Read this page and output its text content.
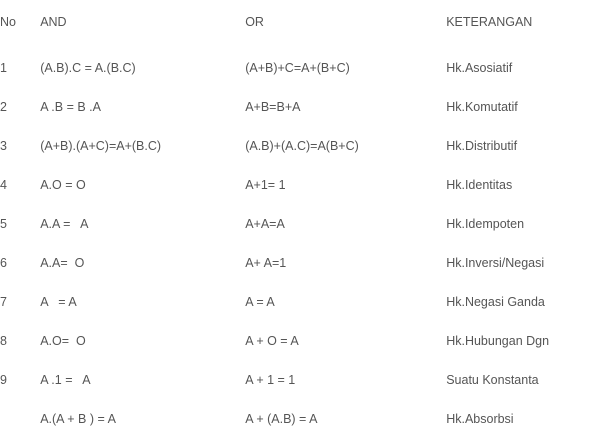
No	AND	OR	KETERANGAN
1	(A.B).C = A.(B.C)	(A+B)+C=A+(B+C)	Hk.Asosiatif
2	A .B = B .A	A+B=B+A	Hk.Komutatif
3	(A+B).(A+C)=A+(B.C)	(A.B)+(A.C)=A(B+C)	Hk.Distributif
4	A.O = O	A+1= 1	Hk.Identitas
5	A.A =   A	A+A=A	Hk.Idempoten
6	A.A=  O	A+ A=1	Hk.Inversi/Negasi
7	A   = A	A = A	Hk.Negasi Ganda
8	A.O=  O	A + O = A	Hk.Hubungan Dgn
9	A .1 =   A	A + 1 = 1	Suatu Konstanta
	A.(A + B ) = A	A + (A.B) = A	Hk.Absorbsi
